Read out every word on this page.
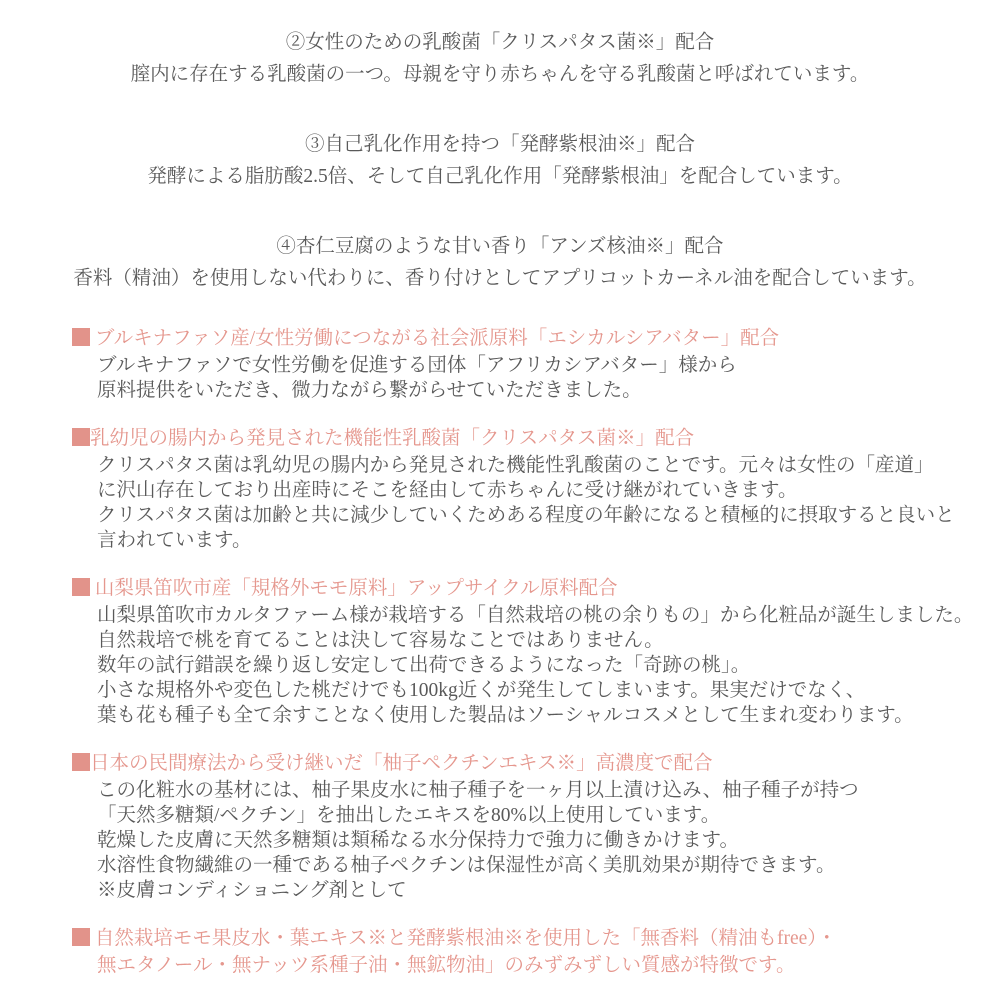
②女性のための乳酸菌「クリスパタス菌※」配合

膣内に存在する乳酸菌の一つ。母親を守り赤ちゃんを守る乳酸菌と呼ばれています。

③自己乳化作用を持つ「発酵紫根油※」配合

発酵による脂肪酸2.5倍、そして自己乳化作用「発酵紫根油」を配合しています。

④杏仁豆腐のような甘い香り「アンズ核油※」配合

香料（精油）を使用しない代わりに、香り付けとしてアプリコットカーネル油を配合しています。

ブルキナファソ産/女性労働につながる社会派原料「エシカルシアバター」配合

ブルキナファソで女性労働を促進する団体「アフリカシアバター」様から
原料提供をいただき、微力ながら繋がらせていただきました。

乳幼児の腸内から発見された機能性乳酸菌「クリスパタス菌※」配合

クリスパタス菌は乳幼児の腸内から発見された機能性乳酸菌のことです。元々は女性の「産道」
に沢山存在しており出産時にそこを経由して赤ちゃんに受け継がれていきます。
クリスパタス菌は加齢と共に減少していくためある程度の年齢になると積極的に摂取すると良いと
言われています。

山梨県笛吹市産「規格外モモ原料」アップサイクル原料配合

山梨県笛吹市カルタファーム様が栽培する「自然栽培の桃の余りもの」から化粧品が誕生しました。
自然栽培で桃を育てることは決して容易なことではありません。
数年の試行錯誤を繰り返し安定して出荷できるようになった「奇跡の桃」。
小さな規格外や変色した桃だけでも100kg近くが発生してしまいます。果実だけでなく、
葉も花も種子も全て余すことなく使用した製品はソーシャルコスメとして生まれ変わります。

日本の民間療法から受け継いだ「柚子ペクチンエキス※」高濃度で配合

この化粧水の基材には、柚子果皮水に柚子種子を一ヶ月以上漬け込み、柚子種子が持つ
「天然多糖類/ペクチン」を抽出したエキスを80%以上使用しています。
乾燥した皮膚に天然多糖類は類稀なる水分保持力で強力に働きかけます。
水溶性食物繊維の一種である柚子ペクチンは保湿性が高く美肌効果が期待できます。
※皮膚コンディショニング剤として

自然栽培モモ果皮水・葉エキス※と発酵紫根油※を使用した「無香料（精油もfree）・

無エタノール・無ナッツ系種子油・無鉱物油」のみずみずしい質感が特徴です。
